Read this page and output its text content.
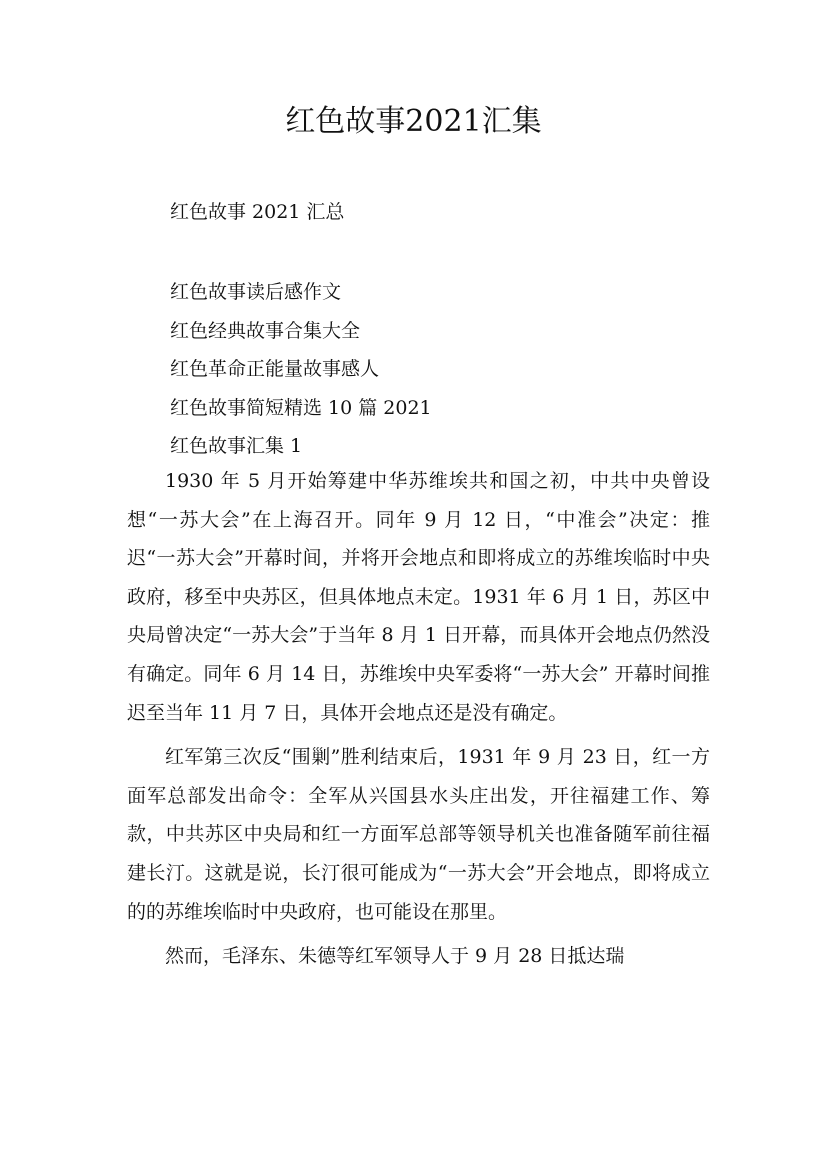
红色故事2021汇集

红色故事 2021 汇总

红色故事读后感作文
红色经典故事合集大全
红色革命正能量故事感人
红色故事简短精选 10 篇 2021
红色故事汇集 1

1930 年 5 月开始筹建中华苏维埃共和国之初，中共中央曾设想“一苏大会”在上海召开。同年 9 月 12 日，“中准会”决定：推迟“一苏大会”开幕时间，并将开会地点和即将成立的苏维埃临时中央政府，移至中央苏区，但具体地点未定。1931 年 6 月 1 日，苏区中央局曾决定“一苏大会”于当年 8 月 1 日开幕，而具体开会地点仍然没有确定。同年 6 月 14 日，苏维埃中央军委将“一苏大会” 开幕时间推迟至当年 11 月 7 日，具体开会地点还是没有确定。

红军第三次反“围剿”胜利结束后，1931 年 9 月 23 日，红一方面军总部发出命令：全军从兴国县水头庄出发，开往福建工作、筹款，中共苏区中央局和红一方面军总部等领导机关也准备随军前往福建长汀。这就是说，长汀很可能成为“一苏大会”开会地点，即将成立的的苏维埃临时中央政府，也可能设在那里。

然而，毛泽东、朱德等红军领导人于 9 月 28 日抵达瑞
